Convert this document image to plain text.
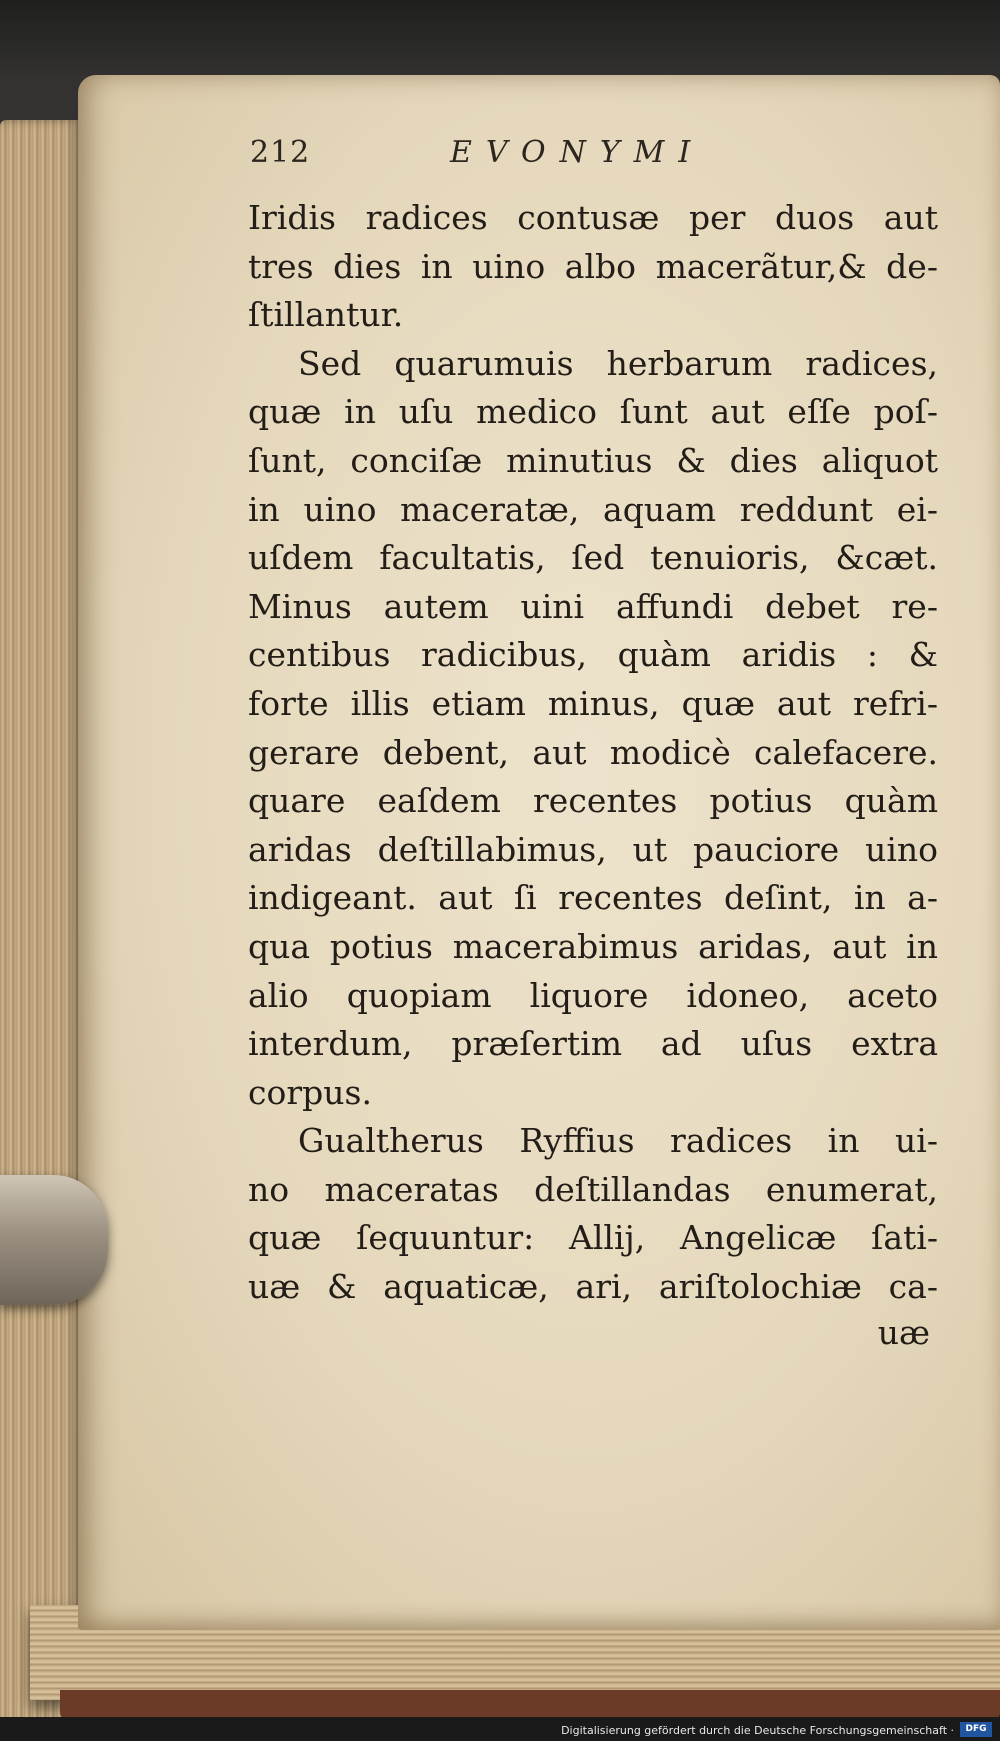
212	EVONYMI
Iridis radices contusæ per duos aut
tres dies in uino albo macerãtur,& de-
ſtillantur.
Sed quarumuis herbarum radices,
quæ in uſu medico ſunt aut eſſe poſ-
ſunt, conciſæ minutius & dies aliquot
in uino maceratæ, aquam reddunt ei-
uſdem facultatis, ſed tenuioris, &cæt.
Minus autem uini affundi debet re-
centibus radicibus, quàm aridis : &
forte illis etiam minus, quæ aut refri-
gerare debent, aut modicè calefacere.
quare eaſdem recentes potius quàm
aridas deſtillabimus, ut pauciore uino
indigeant. aut ſi recentes deſint, in a-
qua potius macerabimus aridas, aut in
alio quopiam liquore idoneo, aceto
interdum, præſertim ad uſus extra
corpus.
Gualtherus Ryffius radices in ui-
no maceratas deſtillandas enumerat,
quæ ſequuntur: Allij, Angelicæ ſati-
uæ & aquaticæ, ari, ariſtolochiæ ca-
uæ
Digitalisierung gefördert durch die Deutsche Forschungsgemeinschaft ·	DFG
